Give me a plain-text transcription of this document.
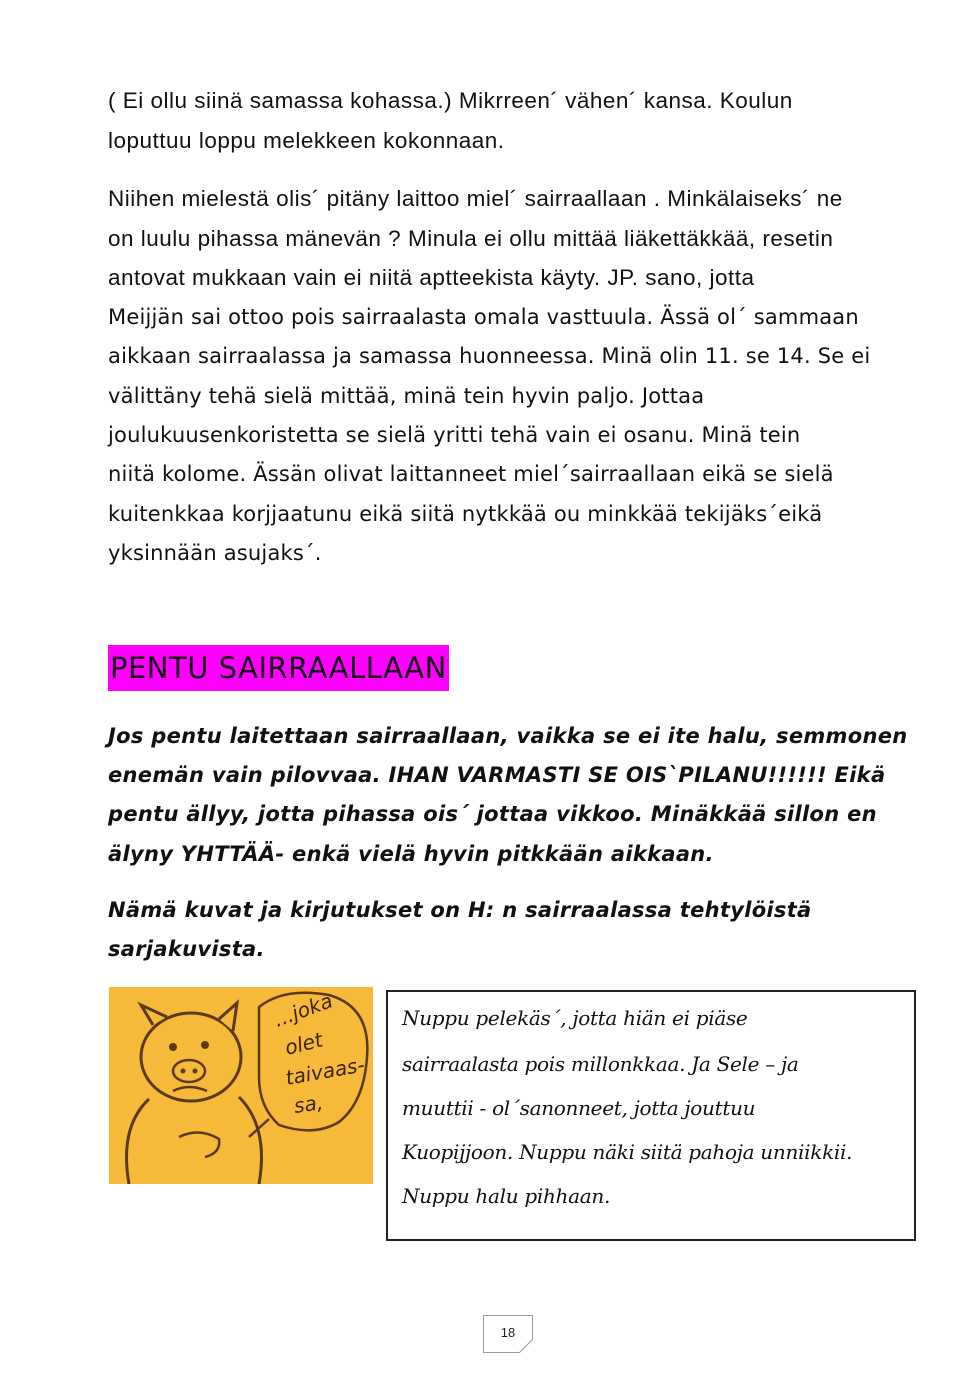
( Ei ollu siinä samassa kohassa.) Mikrreen´ vähen´ kansa. Koulun
loputtuu loppu melekkeen kokonnaan.
Niihen mielestä olis´ pitäny laittoo miel´ sairraallaan . Minkälaiseks´ ne
on luulu pihassa mänevän ? Minula ei ollu mittää liäkettäkkää, resetin
antovat mukkaan vain ei niitä aptteekista käyty. JP. sano, jotta
Meijjän sai ottoo pois sairraalasta omala vasttuula. Ässä ol´ sammaan
aikkaan sairraalassa ja samassa huonneessa. Minä olin 11. se 14. Se ei
välittäny tehä sielä mittää, minä tein hyvin paljo. Jottaa
joulukuusenkoristetta se sielä yritti tehä vain ei osanu. Minä tein
niitä kolome. Ässän olivat laittanneet miel´sairraallaan eikä se sielä
kuitenkkaa korjjaatunu eikä siitä nytkkää ou minkkää tekijäks´eikä
yksinnään asujaks´.
PENTU SAIRRAALLAAN
Jos pentu laitettaan sairraallaan, vaikka se ei ite halu, semmonen
enemän vain pilovvaa. IHAN VARMASTI SE OIS`PILANU!!!!!! Eikä
pentu ällyy, jotta pihassa ois´ jottaa vikkoo. Minäkkää sillon en
älyny YHTTÄÄ- enkä vielä hyvin pitkkään aikkaan.
Nämä kuvat ja kirjutukset on H: n sairraalassa tehtylöistä
sarjakuvista.
...joka
olet
taivaas-
sa,
Nuppu pelekäs´, jotta hiän ei piäse
sairraalasta pois millonkkaa. Ja Sele – ja
muuttii - ol´sanonneet, jotta jouttuu
Kuopijjoon. Nuppu näki siitä pahoja unniikkii.
Nuppu halu pihhaan.
18
